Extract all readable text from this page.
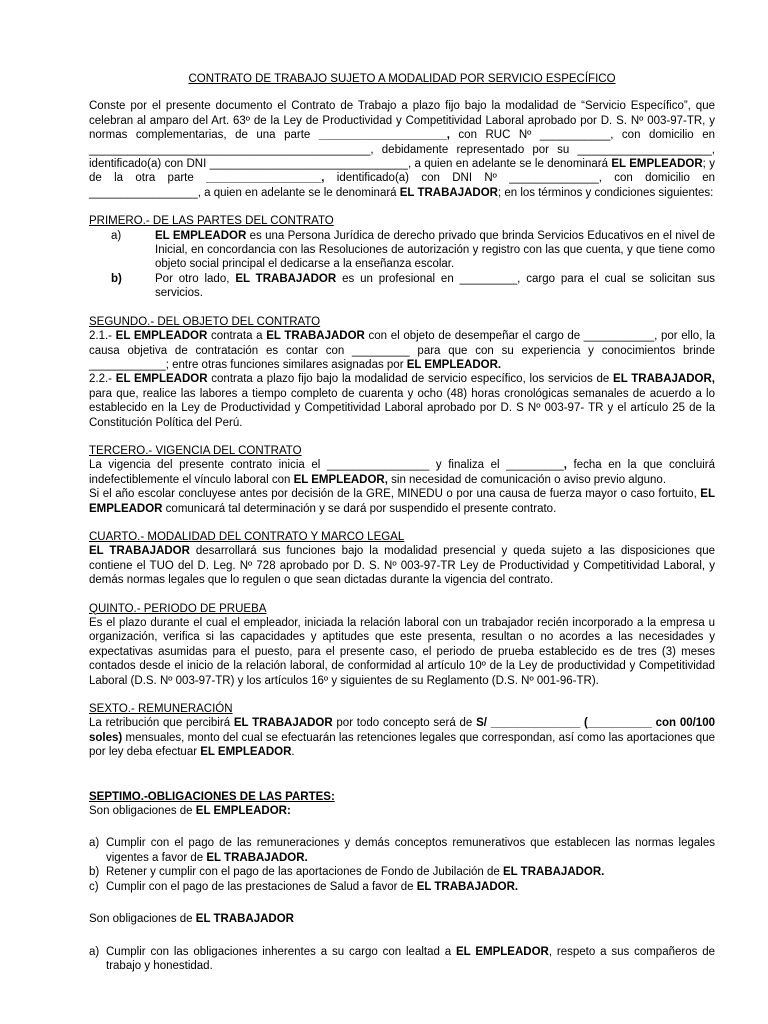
CONTRATO DE TRABAJO SUJETO A MODALIDAD POR SERVICIO ESPECÍFICO

Conste por el presente documento el Contrato de Trabajo a plazo fijo bajo la modalidad de “Servicio Específico”, que celebran al amparo del Art. 63º de la Ley de Productividad y Competitividad Laboral aprobado por D. S. Nº 003-97-TR, y normas complementarias, de una parte ____________________, con RUC Nº ___________, con domicilio en ____________________________________________, debidamente representado por su _____________________, identificado(a) con DNI _______________________________, a quien en adelante se le denominará EL EMPLEADOR; y de la otra parte __________________, identificado(a) con DNI Nº ______________, con domicilio en _________________, a quien en adelante se le denominará EL TRABAJADOR; en los términos y condiciones siguientes:

PRIMERO.- DE LAS PARTES DEL CONTRATO
a)	EL EMPLEADOR es una Persona Jurídica de derecho privado que brinda Servicios Educativos en el nivel de Inicial, en concordancia con las Resoluciones de autorización y registro con las que cuenta, y que tiene como objeto social principal el dedicarse a la enseñanza escolar.
b)	Por otro lado, EL TRABAJADOR es un profesional en _________, cargo para el cual se solicitan sus servicios.
SEGUNDO.- DEL OBJETO DEL CONTRATO

2.1.- EL EMPLEADOR contrata a EL TRABAJADOR con el objeto de desempeñar el cargo de ___________, por ello, la causa objetiva de contratación es contar con _________ para que con su experiencia y conocimientos brinde ____________; entre otras funciones similares asignadas por EL EMPLEADOR.

2.2.- EL EMPLEADOR contrata a plazo fijo bajo la modalidad de servicio específico, los servicios de EL TRABAJADOR, para que, realice las labores a tiempo completo de cuarenta y ocho (48) horas cronológicas semanales de acuerdo a lo establecido en la Ley de Productividad y Competitividad Laboral aprobado por D. S Nº 003-97- TR y el artículo 25 de la Constitución Política del Perú.

TERCERO.- VIGENCIA DEL CONTRATO

La vigencia del presente contrato inicia el ________________ y finaliza el _________, fecha en la que concluirá indefectiblemente el vínculo laboral con EL EMPLEADOR, sin necesidad de comunicación o aviso previo alguno.

Si el año escolar concluyese antes por decisión de la GRE, MINEDU o por una causa de fuerza mayor o caso fortuito, EL EMPLEADOR comunicará tal determinación y se dará por suspendido el presente contrato.

CUARTO.- MODALIDAD DEL CONTRATO Y MARCO LEGAL

EL TRABAJADOR desarrollará sus funciones bajo la modalidad presencial y queda sujeto a las disposiciones que contiene el TUO del D. Leg. Nº 728 aprobado por D. S. Nº 003-97-TR Ley de Productividad y Competitividad Laboral, y demás normas legales que lo regulen o que sean dictadas durante la vigencia del contrato.

QUINTO.- PERIODO DE PRUEBA

Es el plazo durante el cual el empleador, iniciada la relación laboral con un trabajador recién incorporado a la empresa u organización, verifica si las capacidades y aptitudes que este presenta, resultan o no acordes a las necesidades y expectativas asumidas para el puesto, para el presente caso, el periodo de prueba establecido es de tres (3) meses contados desde el inicio de la relación laboral, de conformidad al artículo 10º de la Ley de productividad y Competitividad Laboral (D.S. Nº 003-97-TR) y los artículos 16º y siguientes de su Reglamento (D.S. Nº 001-96-TR).

SEXTO.- REMUNERACIÓN

La retribución que percibirá EL TRABAJADOR por todo concepto será de S/ ______________ (__________ con 00/100 soles) mensuales, monto del cual se efectuarán las retenciones legales que correspondan, así como las aportaciones que por ley deba efectuar EL EMPLEADOR.

SEPTIMO.-OBLIGACIONES DE LAS PARTES:

Son obligaciones de EL EMPLEADOR:

a) Cumplir con el pago de las remuneraciones y demás conceptos remunerativos que establecen las normas legales vigentes a favor de EL TRABAJADOR.
b) Retener y cumplir con el pago de las aportaciones de Fondo de Jubilación de EL TRABAJADOR.
c) Cumplir con el pago de las prestaciones de Salud a favor de EL TRABAJADOR.

Son obligaciones de EL TRABAJADOR

a) Cumplir con las obligaciones inherentes a su cargo con lealtad a EL EMPLEADOR, respeto a sus compañeros de trabajo y honestidad.
